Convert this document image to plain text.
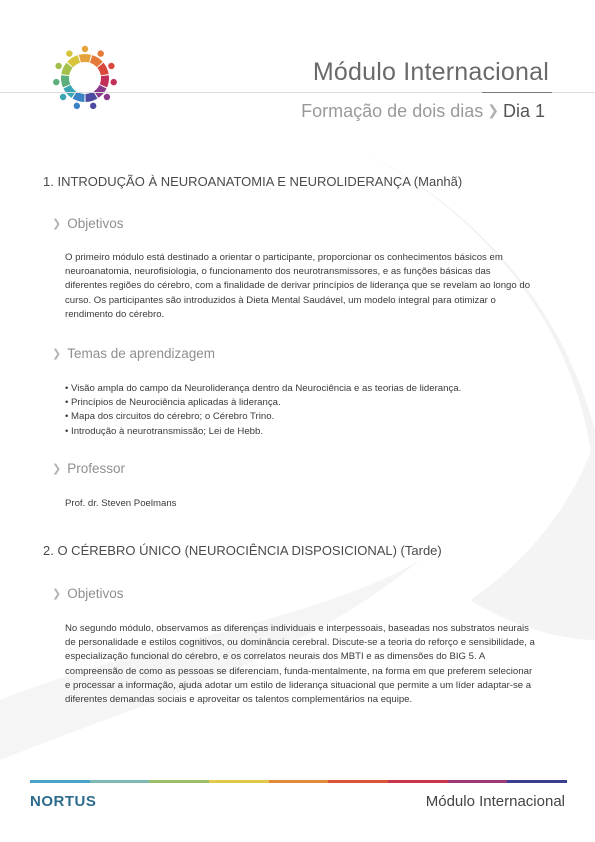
Módulo Internacional
Formação de dois dias ❯ Dia 1
1. INTRODUÇÃO À NEUROANATOMIA E NEUROLIDERANÇA (Manhã)
❯ Objetivos
O primeiro módulo está destinado a orientar o participante, proporcionar os conhecimentos básicos em neuroanatomia, neurofisiologia, o funcionamento dos neurotransmissores, e as funções básicas das diferentes regiões do cérebro, com a finalidade de derivar princípios de liderança que se revelam ao longo do curso. Os participantes são introduzidos à Dieta Mental Saudável, um modelo integral para otimizar o rendimento do cérebro.
❯ Temas de aprendizagem
• Visão ampla do campo da Neuroliderança dentro da Neurociência e as teorias de liderança.
• Princípios de Neurociência aplicadas à liderança.
• Mapa dos circuitos do cérebro; o Cérebro Trino.
• Introdução à neurotransmissão; Lei de Hebb.
❯ Professor
Prof. dr. Steven Poelmans
2. O CÉREBRO ÚNICO (NEUROCIÊNCIA DISPOSICIONAL) (Tarde)
❯ Objetivos
No segundo módulo, observamos as diferenças individuais e interpessoais, baseadas nos substratos neurais de personalidade e estilos cognitivos, ou dominância cerebral. Discute-se a teoria do reforço e sensibilidade, a especialização funcional do cérebro, e os correlatos neurais dos MBTI e as dimensões do BIG 5. A compreensão de como as pessoas se diferenciam, funda-mentalmente, na forma em que preferem selecionar e processar a informação, ajuda adotar um estilo de liderança situacional que permite a um líder adaptar-se a diferentes demandas sociais e aproveitar os talentos complementários na equipe.
NORTUS	Módulo Internacional
